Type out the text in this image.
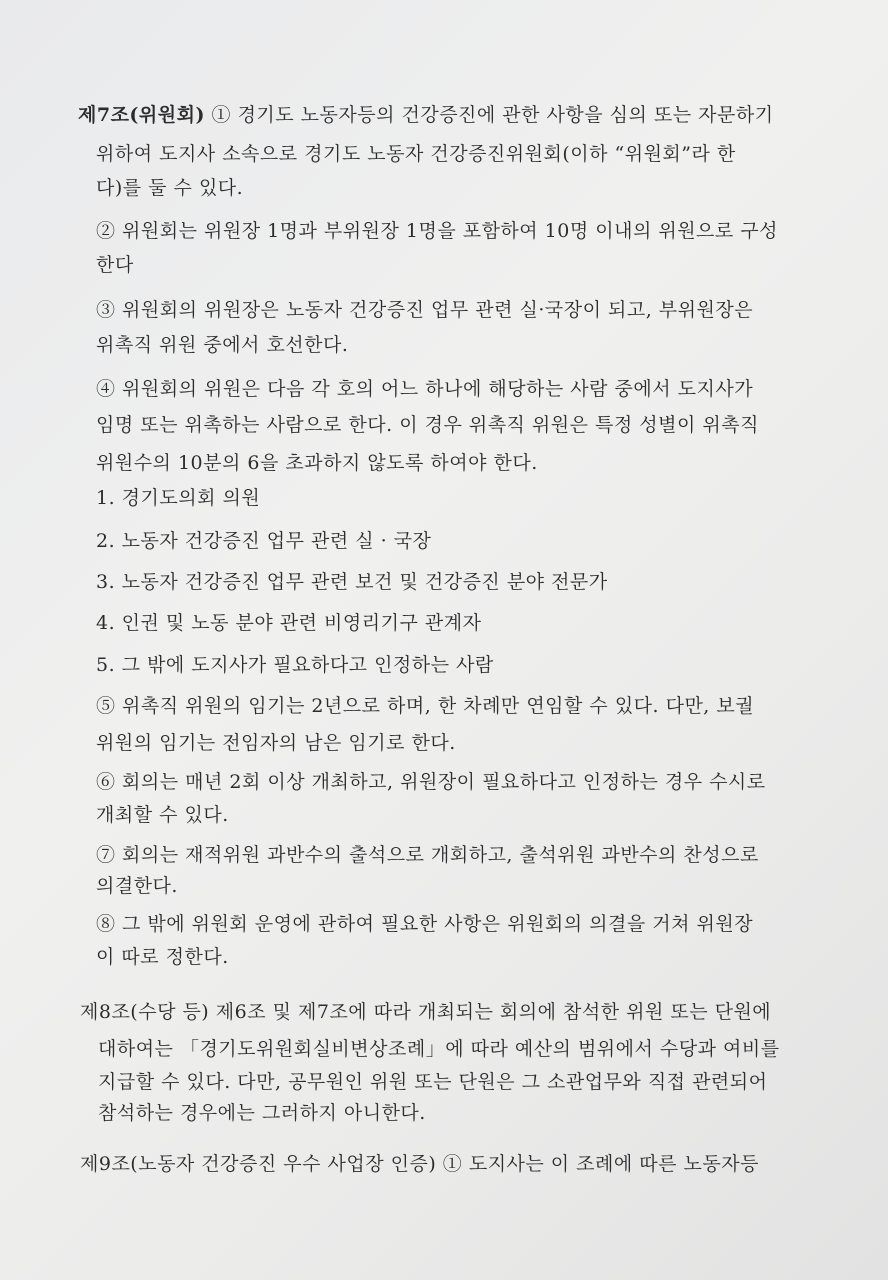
제7조(위원회) ① 경기도 노동자등의 건강증진에 관한 사항을 심의 또는 자문하기
위하여 도지사 소속으로 경기도 노동자 건강증진위원회(이하 “위원회”라 한
다)를 둘 수 있다.
② 위원회는 위원장 1명과 부위원장 1명을 포함하여 10명 이내의 위원으로 구성
한다
③ 위원회의 위원장은 노동자 건강증진 업무 관련 실·국장이 되고, 부위원장은
위촉직 위원 중에서 호선한다.
④ 위원회의 위원은 다음 각 호의 어느 하나에 해당하는 사람 중에서 도지사가
임명 또는 위촉하는 사람으로 한다. 이 경우 위촉직 위원은 특정 성별이 위촉직
위원수의 10분의 6을 초과하지 않도록 하여야 한다.
1. 경기도의회 의원
2. 노동자 건강증진 업무 관련 실 · 국장
3. 노동자 건강증진 업무 관련 보건 및 건강증진 분야 전문가
4. 인권 및 노동 분야 관련 비영리기구 관계자
5. 그 밖에 도지사가 필요하다고 인정하는 사람
⑤ 위촉직 위원의 임기는 2년으로 하며, 한 차례만 연임할 수 있다. 다만, 보궐
위원의 임기는 전임자의 남은 임기로 한다.
⑥ 회의는 매년 2회 이상 개최하고, 위원장이 필요하다고 인정하는 경우 수시로
개최할 수 있다.
⑦ 회의는 재적위원 과반수의 출석으로 개회하고, 출석위원 과반수의 찬성으로
의결한다.
⑧ 그 밖에 위원회 운영에 관하여 필요한 사항은 위원회의 의결을 거쳐 위원장
이 따로 정한다.
제8조(수당 등) 제6조 및 제7조에 따라 개최되는 회의에 참석한 위원 또는 단원에
대하여는 「경기도위원회실비변상조례」에 따라 예산의 범위에서 수당과 여비를
지급할 수 있다. 다만, 공무원인 위원 또는 단원은 그 소관업무와 직접 관련되어
참석하는 경우에는 그러하지 아니한다.
제9조(노동자 건강증진 우수 사업장 인증) ① 도지사는 이 조례에 따른 노동자등
